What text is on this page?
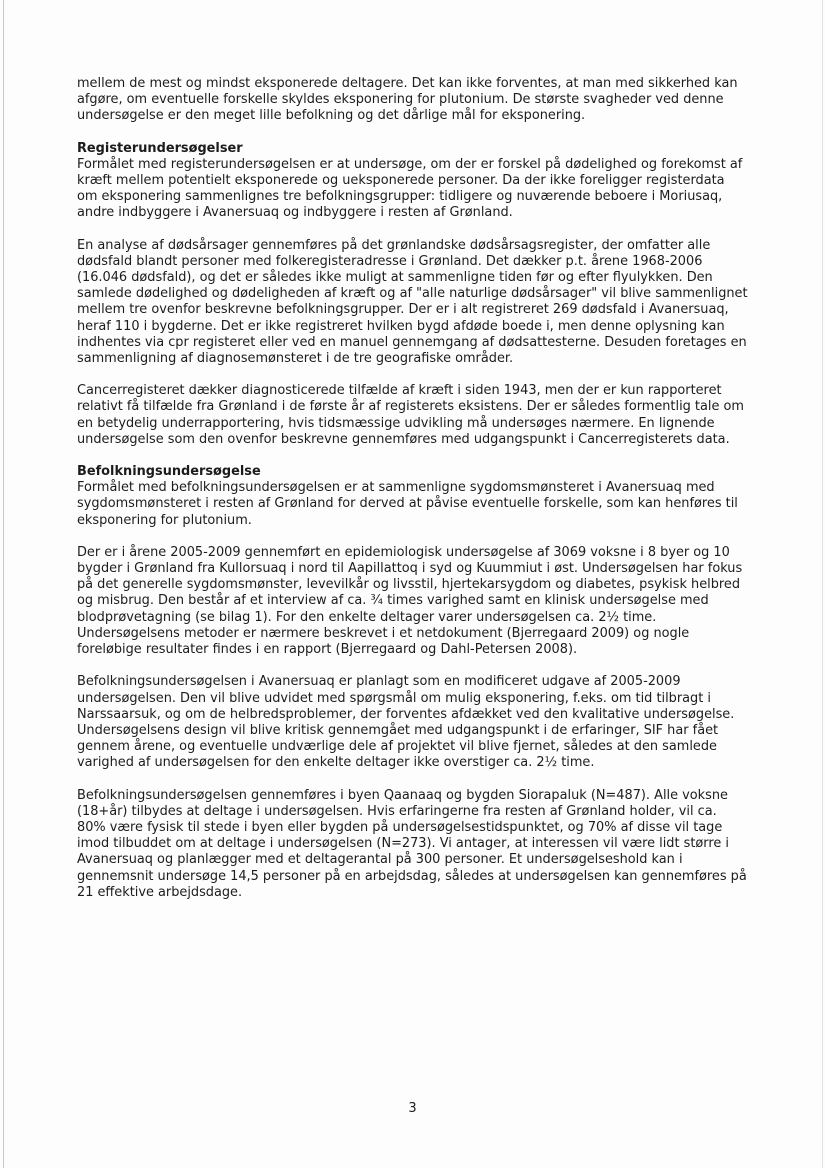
mellem de mest og mindst eksponerede deltagere. Det kan ikke forventes, at man med sikkerhed kan afgøre, om eventuelle forskelle skyldes eksponering for plutonium. De største svagheder ved denne undersøgelse er den meget lille befolkning og det dårlige mål for eksponering.

Registerundersøgelser

Formålet med registerundersøgelsen er at undersøge, om der er forskel på dødelighed og forekomst af kræft mellem potentielt eksponerede og ueksponerede personer. Da der ikke foreligger registerdata om eksponering sammenlignes tre befolkningsgrupper: tidligere og nuværende beboere i Moriusaq, andre indbyggere i Avanersuaq og indbyggere i resten af Grønland.

En analyse af dødsårsager gennemføres på det grønlandske dødsårsagsregister, der omfatter alle dødsfald blandt personer med folkeregisteradresse i Grønland. Det dækker p.t. årene 1968-2006 (16.046 dødsfald), og det er således ikke muligt at sammenligne tiden før og efter flyulykken. Den samlede dødelighed og dødeligheden af kræft og af "alle naturlige dødsårsager" vil blive sammenlignet mellem tre ovenfor beskrevne befolkningsgrupper. Der er i alt registreret 269 dødsfald i Avanersuaq, heraf 110 i bygderne. Det er ikke registreret hvilken bygd afdøde boede i, men denne oplysning kan indhentes via cpr registeret eller ved en manuel gennemgang af dødsattesterne. Desuden foretages en sammenligning af diagnosemønsteret i de tre geografiske områder.

Cancerregisteret dækker diagnosticerede tilfælde af kræft i siden 1943, men der er kun rapporteret relativt få tilfælde fra Grønland i de første år af registerets eksistens. Der er således formentlig tale om en betydelig underrapportering, hvis tidsmæssige udvikling må undersøges nærmere. En lignende undersøgelse som den ovenfor beskrevne gennemføres med udgangspunkt i Cancerregisterets data.

Befolkningsundersøgelse

Formålet med befolkningsundersøgelsen er at sammenligne sygdomsmønsteret i Avanersuaq med sygdomsmønsteret i resten af Grønland for derved at påvise eventuelle forskelle, som kan henføres til eksponering for plutonium.

Der er i årene 2005-2009 gennemført en epidemiologisk undersøgelse af 3069 voksne i 8 byer og 10 bygder i Grønland fra Kullorsuaq i nord til Aapillattoq i syd og Kuummiut i øst. Undersøgelsen har fokus på det generelle sygdomsmønster, levevilkår og livsstil, hjertekarsygdom og diabetes, psykisk helbred og misbrug. Den består af et interview af ca. ¾ times varighed samt en klinisk undersøgelse med blodprøvetagning (se bilag 1). For den enkelte deltager varer undersøgelsen ca. 2½ time. Undersøgelsens metoder er nærmere beskrevet i et netdokument (Bjerregaard 2009) og nogle foreløbige resultater findes i en rapport (Bjerregaard og Dahl-Petersen 2008).

Befolkningsundersøgelsen i Avanersuaq er planlagt som en modificeret udgave af 2005-2009 undersøgelsen. Den vil blive udvidet med spørgsmål om mulig eksponering, f.eks. om tid tilbragt i Narssaarsuk, og om de helbredsproblemer, der forventes afdækket ved den kvalitative undersøgelse. Undersøgelsens design vil blive kritisk gennemgået med udgangspunkt i de erfaringer, SIF har fået gennem årene, og eventuelle undværlige dele af projektet vil blive fjernet, således at den samlede varighed af undersøgelsen for den enkelte deltager ikke overstiger ca. 2½ time.

Befolkningsundersøgelsen gennemføres i byen Qaanaaq og bygden Siorapaluk (N=487). Alle voksne (18+år) tilbydes at deltage i undersøgelsen. Hvis erfaringerne fra resten af Grønland holder, vil ca. 80% være fysisk til stede i byen eller bygden på undersøgelsestidspunktet, og 70% af disse vil tage imod tilbuddet om at deltage i undersøgelsen (N=273). Vi antager, at interessen vil være lidt større i Avanersuaq og planlægger med et deltagerantal på 300 personer. Et undersøgelseshold kan i gennemsnit undersøge 14,5 personer på en arbejdsdag, således at undersøgelsen kan gennemføres på 21 effektive arbejdsdage.

3
